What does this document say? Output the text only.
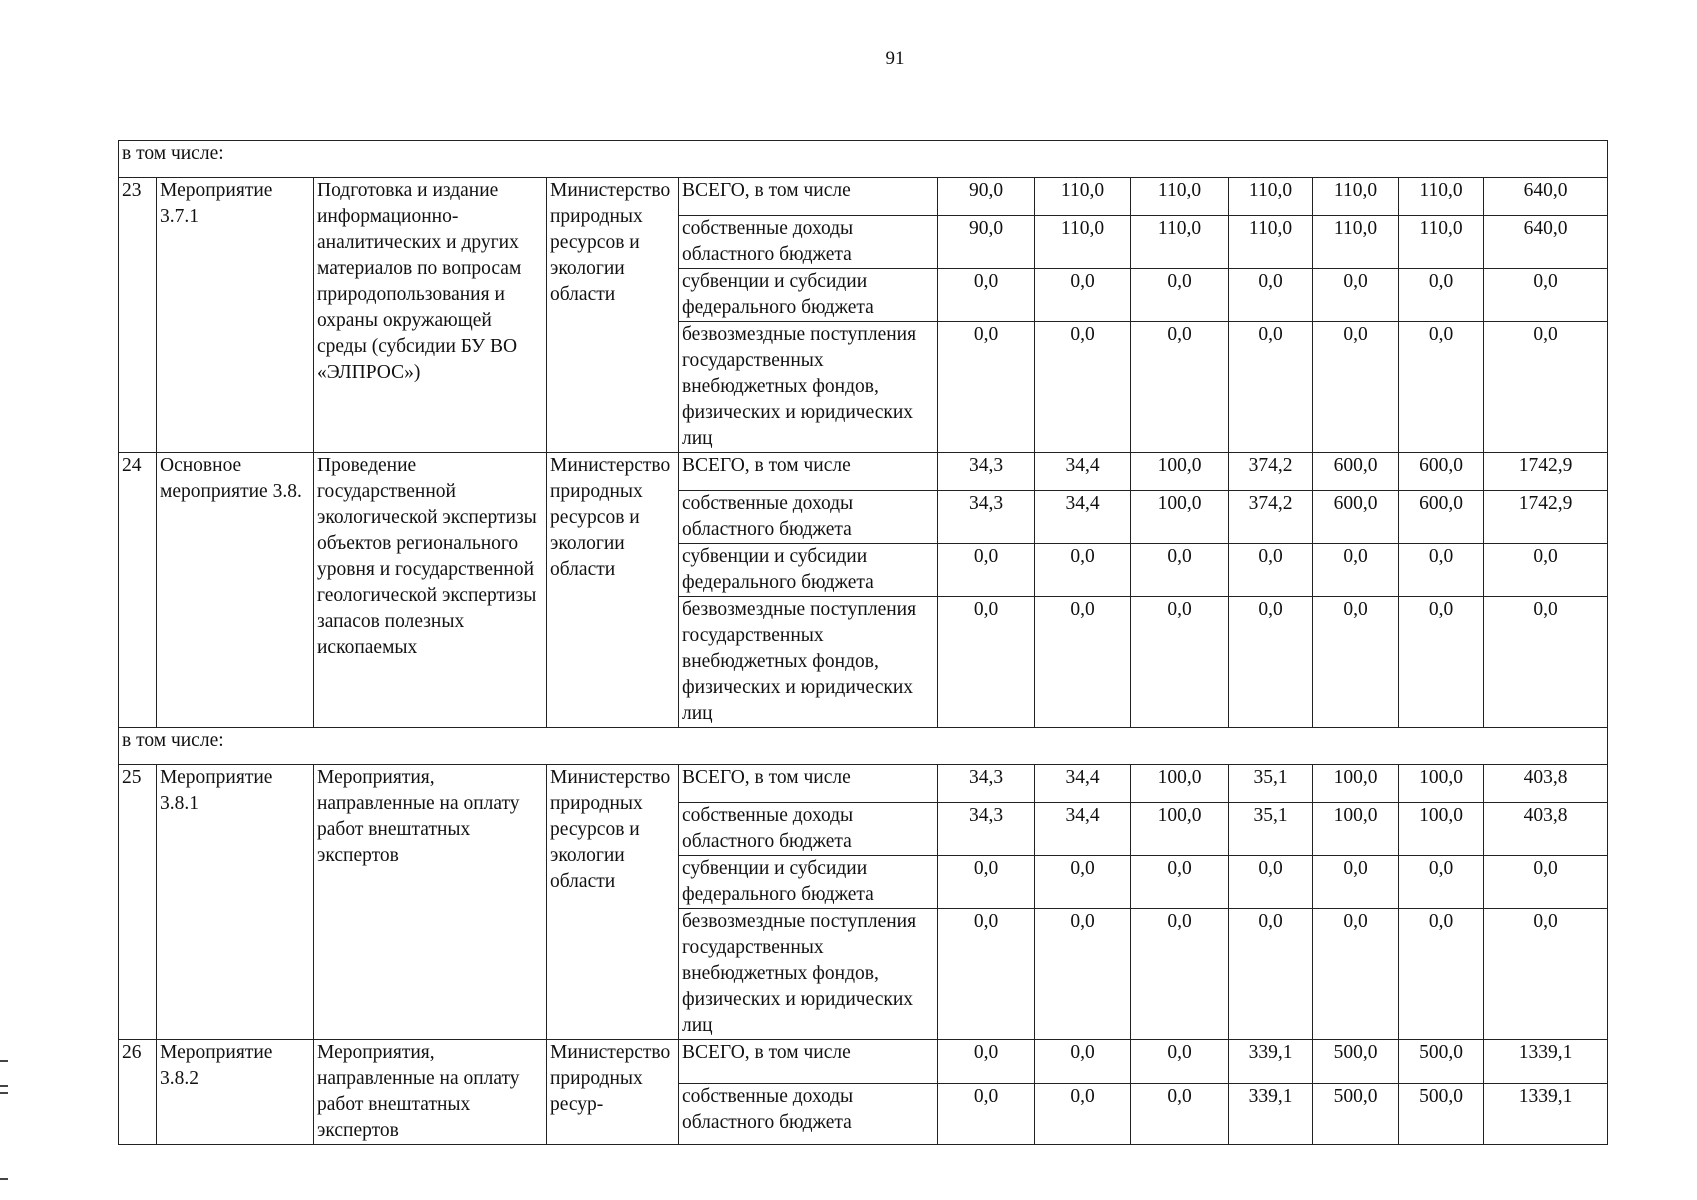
91
в том числе:											
23	Мероприятие 3.7.1	Подготовка и издание информационно-аналитических и других материалов по вопросам природопользования и охраны окружающей среды (субсидии БУ ВО «ЭЛПРОС»)	Министерство природных ресурсов и экологии области	ВСЕГО, в том числе	90,0	110,0	110,0	110,0	110,0	110,0	640,0
				собственные доходы областного бюджета	90,0	110,0	110,0	110,0	110,0	110,0	640,0
				субвенции и субсидии федерального бюджета	0,0	0,0	0,0	0,0	0,0	0,0	0,0
				безвозмездные поступления государственных внебюджетных фондов, физических и юридических лиц	0,0	0,0	0,0	0,0	0,0	0,0	0,0
24	Основное мероприятие 3.8.	Проведение государственной экологической экспертизы объектов регионального уровня и государственной геологической экспертизы запасов полезных ископаемых	Министерство природных ресурсов и экологии области	ВСЕГО, в том числе	34,3	34,4	100,0	374,2	600,0	600,0	1742,9
				собственные доходы областного бюджета	34,3	34,4	100,0	374,2	600,0	600,0	1742,9
				субвенции и субсидии федерального бюджета	0,0	0,0	0,0	0,0	0,0	0,0	0,0
				безвозмездные поступления государственных внебюджетных фондов, физических и юридических лиц	0,0	0,0	0,0	0,0	0,0	0,0	0,0
в том числе:											
25	Мероприятие 3.8.1	Мероприятия, направленные на оплату работ внештатных экспертов	Министерство природных ресурсов и экологии области	ВСЕГО, в том числе	34,3	34,4	100,0	35,1	100,0	100,0	403,8
				собственные доходы областного бюджета	34,3	34,4	100,0	35,1	100,0	100,0	403,8
				субвенции и субсидии федерального бюджета	0,0	0,0	0,0	0,0	0,0	0,0	0,0
				безвозмездные поступления государственных внебюджетных фондов, физических и юридических лиц	0,0	0,0	0,0	0,0	0,0	0,0	0,0
26	Мероприятие 3.8.2	Мероприятия, направленные на оплату работ внештатных экспертов	Министерство природных ресур-	ВСЕГО, в том числе	0,0	0,0	0,0	339,1	500,0	500,0	1339,1
				собственные доходы областного бюджета	0,0	0,0	0,0	339,1	500,0	500,0	1339,1
